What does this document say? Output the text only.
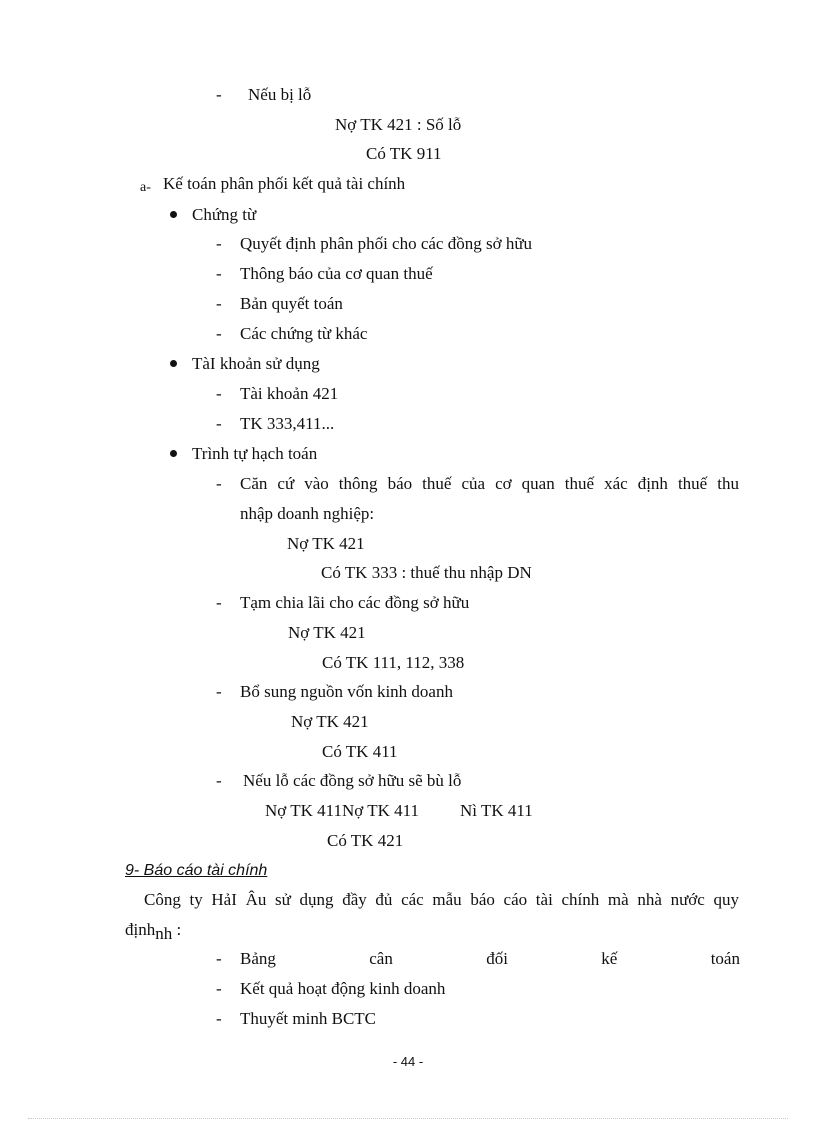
- Nếu bị lỗ
Nợ TK 421 : Số lỗ
Có TK 911
a- Kế toán phân phối kết quả tài chính
Chứng từ
- Quyết định phân phối cho các đồng sở hữu
- Thông báo của cơ quan thuế
- Bản quyết toán
- Các chứng từ khác
TàI khoản sử dụng
- Tài khoản 421
- TK 333,411...
Trình tự hạch toán
- Căn cứ vào thông báo thuế của cơ quan thuế xác định thuế thu
nhập doanh nghiệp:
Nợ TK 421
Có TK 333 : thuế thu nhập DN
- Tạm chia lãi cho các đồng sở hữu
Nợ TK 421
Có TK 111, 112, 338
- Bổ sung nguồn vốn kinh doanh
Nợ TK 421
Có TK 411
- Nếu lỗ các đồng sở hữu sẽ bù lỗ
Nợ TK 411Nợ TK 411 Nì TK 411
Có TK 421
9- Báo cáo tài chính
Công ty HảI Âu sử dụng đầy đủ các mẫu báo cáo tài chính mà nhà nước quy
địnhnh :
- Bảng	cân	đối	kế	toán
- Kết quả hoạt động kinh doanh
- Thuyết minh BCTC
- 44 -
